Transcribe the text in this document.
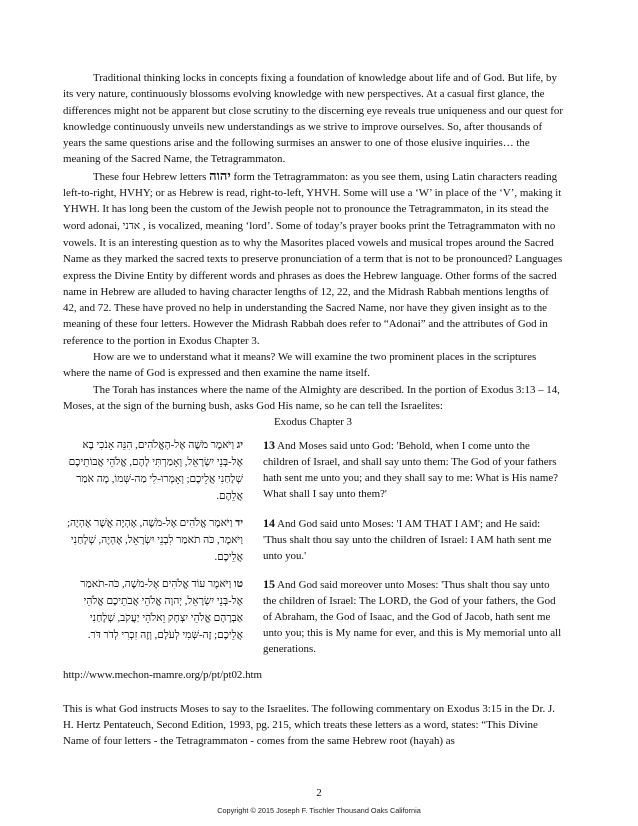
Traditional thinking locks in concepts fixing a foundation of knowledge about life and of God. But life, by its very nature, continuously blossoms evolving knowledge with new perspectives. At a casual first glance, the differences might not be apparent but close scrutiny to the discerning eye reveals true uniqueness and our quest for knowledge continuously unveils new understandings as we strive to improve ourselves. So, after thousands of years the same questions arise and the following surmises an answer to one of those elusive inquiries… the meaning of the Sacred Name, the Tetragrammaton.

These four Hebrew letters יהוה form the Tetragrammaton: as you see them, using Latin characters reading left-to-right, HVHY; or as Hebrew is read, right-to-left, YHVH. Some will use a ‘W’ in place of the ‘V’, making it YHWH. It has long been the custom of the Jewish people not to pronounce the Tetragrammaton, in its stead the word adonai, אדני , is vocalized, meaning ‘lord’. Some of today’s prayer books print the Tetragrammaton with no vowels. It is an interesting question as to why the Masorites placed vowels and musical tropes around the Sacred Name as they marked the sacred texts to preserve pronunciation of a term that is not to be pronounced? Languages express the Divine Entity by different words and phrases as does the Hebrew language. Other forms of the sacred name in Hebrew are alluded to having character lengths of 12, 22, and the Midrash Rabbah mentions lengths of 42, and 72. These have proved no help in understanding the Sacred Name, nor have they given insight as to the meaning of these four letters. However the Midrash Rabbah does refer to “Adonai” and the attributes of God in reference to the portion in Exodus Chapter 3.

How are we to understand what it means? We will examine the two prominent places in the scriptures where the name of God is expressed and then examine the name itself.

The Torah has instances where the name of the Almighty are described. In the portion of Exodus 3:13 – 14, Moses, at the sign of the burning bush, asks God His name, so he can tell the Israelites:

Exodus Chapter 3

יג וַיֹּאמֶר מֹשֶׁה אֶל-הָאֱלֹהִים, הִנֵּה אָנֹכִי בָא אֶל-בְּנֵי יִשְׂרָאֵל, וְאָמַרְתִּי לָהֶם, אֱלֹהֵי אֲבוֹתֵיכֶם שְׁלָחַנִי אֲלֵיכֶם; וְאָמְרוּ-לִי מַה-שְּׁמוֹ, מָה אֹמַר אֲלֵהֶם.
13 And Moses said unto God: 'Behold, when I come unto the children of Israel, and shall say unto them: The God of your fathers hath sent me unto you; and they shall say to me: What is His name? What shall I say unto them?'
יד וַיֹּאמֶר אֱלֹהִים אֶל-מֹשֶׁה, אֶהְיֶה אֲשֶׁר אֶהְיֶה; וַיֹּאמֶר, כֹּה תֹאמַר לִבְנֵי יִשְׂרָאֵל, אֶהְיֶה, שְׁלָחַנִי אֲלֵיכֶם.
14 And God said unto Moses: 'I AM THAT I AM'; and He said: 'Thus shalt thou say unto the children of Israel: I AM hath sent me unto you.'
טו וַיֹּאמֶר עוֹד אֱלֹהִים אֶל-מֹשֶׁה, כֹּה-תֹאמַר אֶל-בְּנֵי יִשְׂרָאֵל, יְהוָה אֱלֹהֵי אֲבֹתֵיכֶם אֱלֹהֵי אַבְרָהָם אֱלֹהֵי יִצְחָק וֵאלֹהֵי יַעֲקֹב, שְׁלָחַנִי אֲלֵיכֶם; זֶה-שְּׁמִי לְעֹלָם, וְזֶה זִכְרִי לְדֹר דֹּר.
15 And God said moreover unto Moses: 'Thus shalt thou say unto the children of Israel: The LORD, the God of your fathers, the God of Abraham, the God of Isaac, and the God of Jacob, hath sent me unto you; this is My name for ever, and this is My memorial unto all generations.

http://www.mechon-mamre.org/p/pt/pt02.htm

This is what God instructs Moses to say to the Israelites. The following commentary on Exodus 3:15 in the Dr. J. H. Hertz Pentateuch, Second Edition, 1993, pg. 215, which treats these letters as a word, states: “This Divine Name of four letters - the Tetragrammaton - comes from the same Hebrew root (hayah) as

2
Copyright © 2015 Joseph F. Tischler Thousand Oaks California
